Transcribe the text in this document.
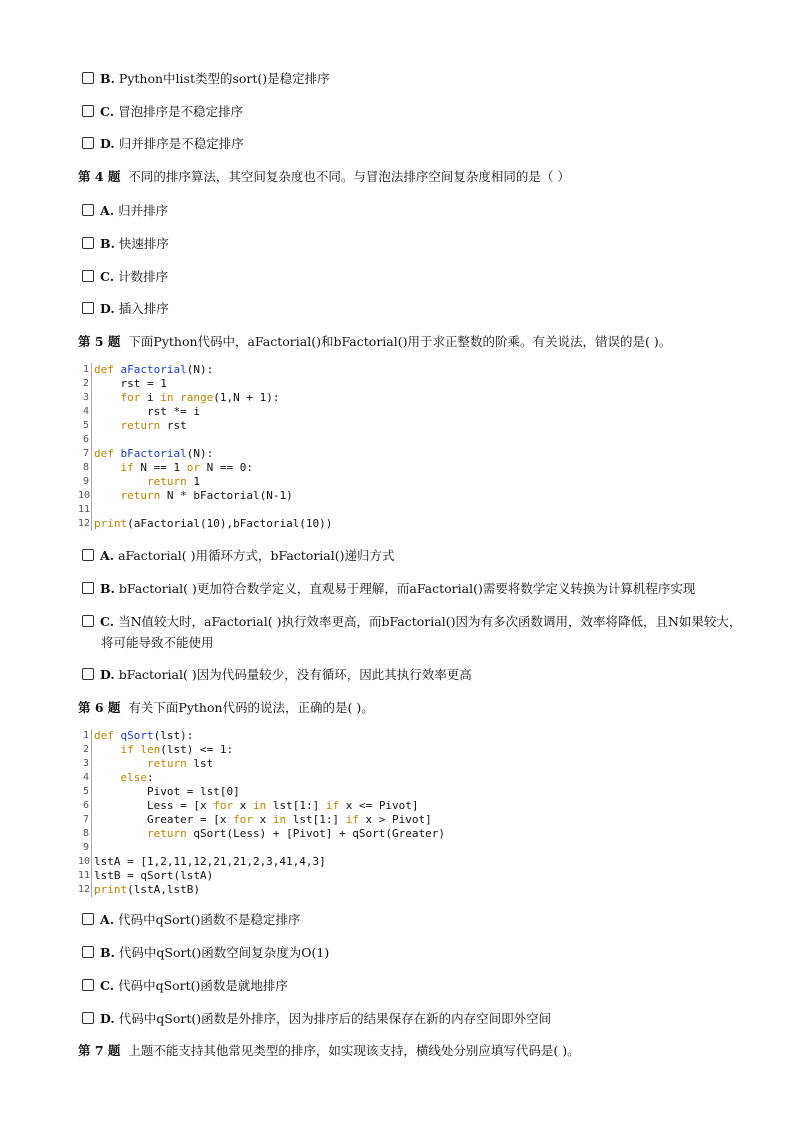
B. Python中list类型的sort()是稳定排序
C. 冒泡排序是不稳定排序
D. 归并排序是不稳定排序
第 4 题 不同的排序算法，其空间复杂度也不同。与冒泡法排序空间复杂度相同的是（ ）
A. 归并排序
B. 快速排序
C. 计数排序
D. 插入排序
第 5 题 下面Python代码中，aFactorial()和bFactorial()用于求正整数的阶乘。有关说法，错误的是( )。
1 def aFactorial(N):
2 rst = 1
3	for i in range(1,N + 1):
4 rst *= i
5	return rst
6
7 def bFactorial(N):
8	if N == 1 or N == 0:
9	return 1
10	return N * bFactorial(N-1)
11
12 print(aFactorial(10),bFactorial(10))
A. aFactorial( )用循环方式，bFactorial()递归方式
B. bFactorial( )更加符合数学定义，直观易于理解，而aFactorial()需要将数学定义转换为计算机程序实现
C. 当N值较大时，aFactorial( )执行效率更高，而bFactorial()因为有多次函数调用，效率将降低，且N如果较大，
将可能导致不能使用
D. bFactorial( )因为代码量较少，没有循环，因此其执行效率更高
第 6 题 有关下面Python代码的说法，正确的是( )。
1 def qSort(lst):
2	if len(lst) <= 1:
3	return lst
4	else:
5 Pivot = lst[0]
6 Less = [x for x in lst[1:] if x <= Pivot]
7 Greater = [x for x in lst[1:] if x > Pivot]
8	return qSort(Less) + [Pivot] + qSort(Greater)
9
10 lstA = [1,2,11,12,21,21,2,3,41,4,3]
11 lstB = qSort(lstA)
12 print(lstA,lstB)
A. 代码中qSort()函数不是稳定排序
B. 代码中qSort()函数空间复杂度为O(1)
C. 代码中qSort()函数是就地排序
D. 代码中qSort()函数是外排序，因为排序后的结果保存在新的内存空间即外空间
第 7 题 上题不能支持其他常见类型的排序，如实现该支持，横线处分别应填写代码是( )。
